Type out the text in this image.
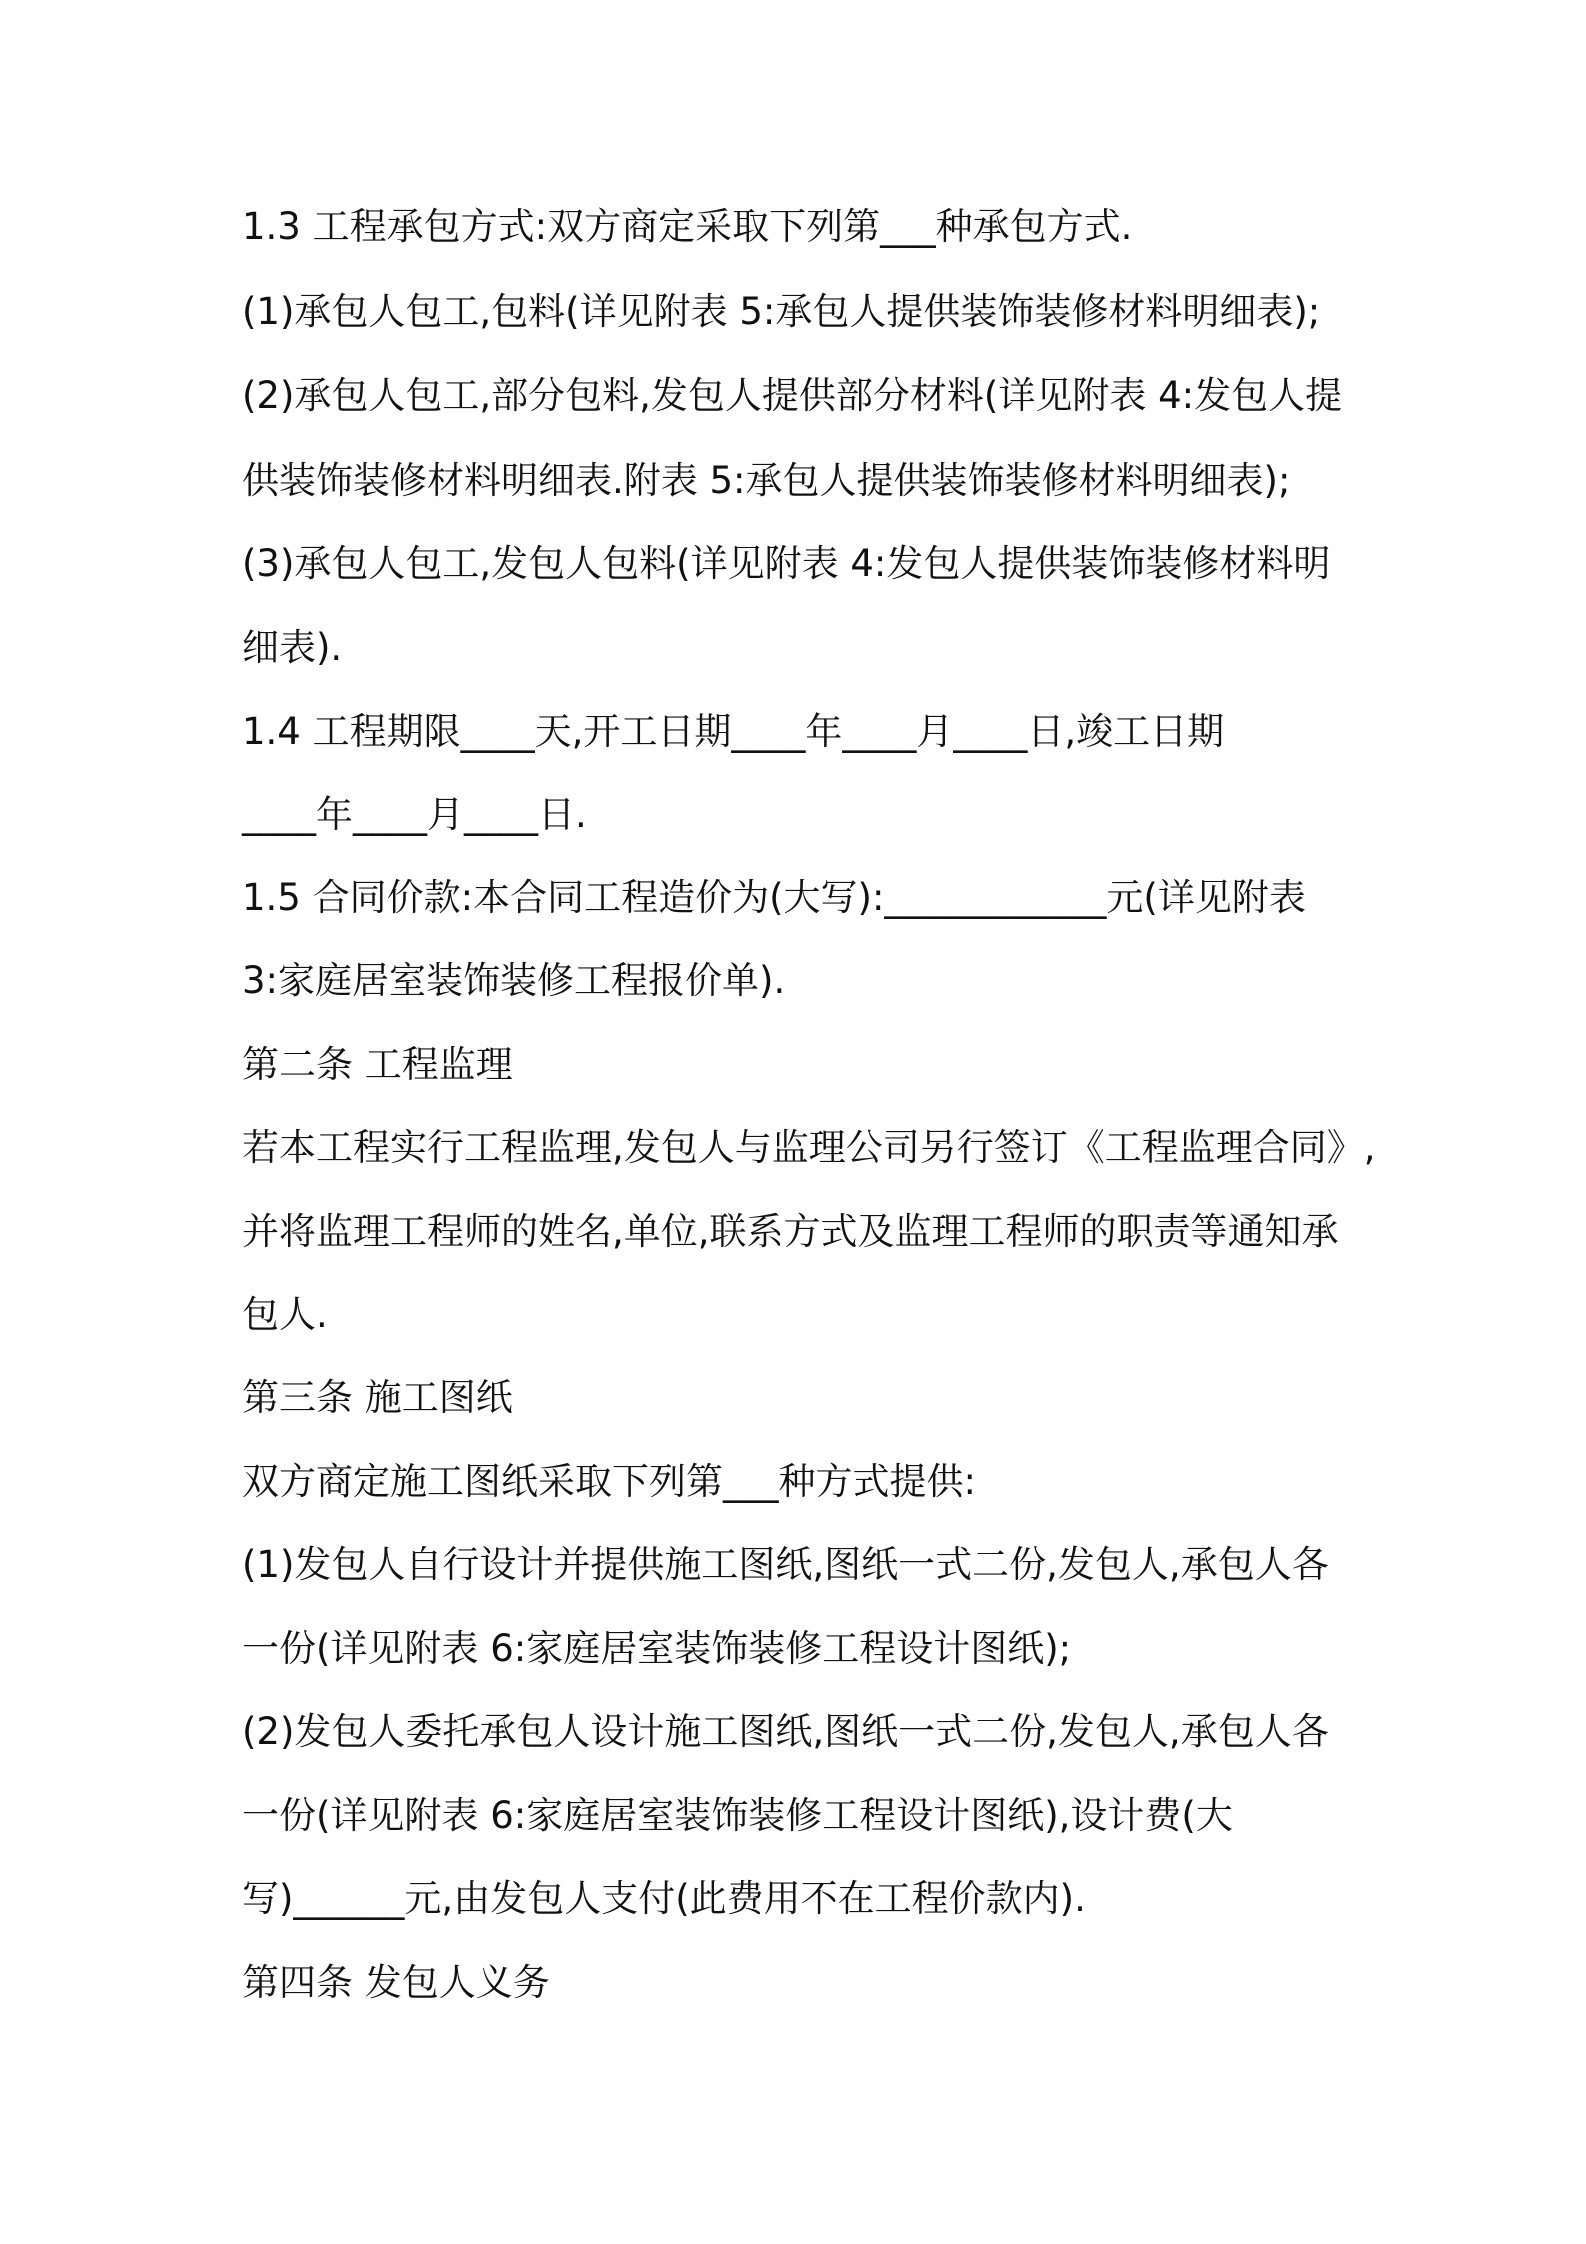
1.3 工程承包方式:双方商定采取下列第___种承包方式.
(1)承包人包工,包料(详见附表 5:承包人提供装饰装修材料明细表);
(2)承包人包工,部分包料,发包人提供部分材料(详见附表 4:发包人提
供装饰装修材料明细表.附表 5:承包人提供装饰装修材料明细表);
(3)承包人包工,发包人包料(详见附表 4:发包人提供装饰装修材料明
细表).
1.4 工程期限____天,开工日期____年____月____日,竣工日期
____年____月____日.
1.5 合同价款:本合同工程造价为(大写):____________元(详见附表
3:家庭居室装饰装修工程报价单).
第二条 工程监理
若本工程实行工程监理,发包人与监理公司另行签订《工程监理合同》,
并将监理工程师的姓名,单位,联系方式及监理工程师的职责等通知承
包人.
第三条 施工图纸
双方商定施工图纸采取下列第___种方式提供:
(1)发包人自行设计并提供施工图纸,图纸一式二份,发包人,承包人各
一份(详见附表 6:家庭居室装饰装修工程设计图纸);
(2)发包人委托承包人设计施工图纸,图纸一式二份,发包人,承包人各
一份(详见附表 6:家庭居室装饰装修工程设计图纸),设计费(大
写)______元,由发包人支付(此费用不在工程价款内).
第四条 发包人义务
